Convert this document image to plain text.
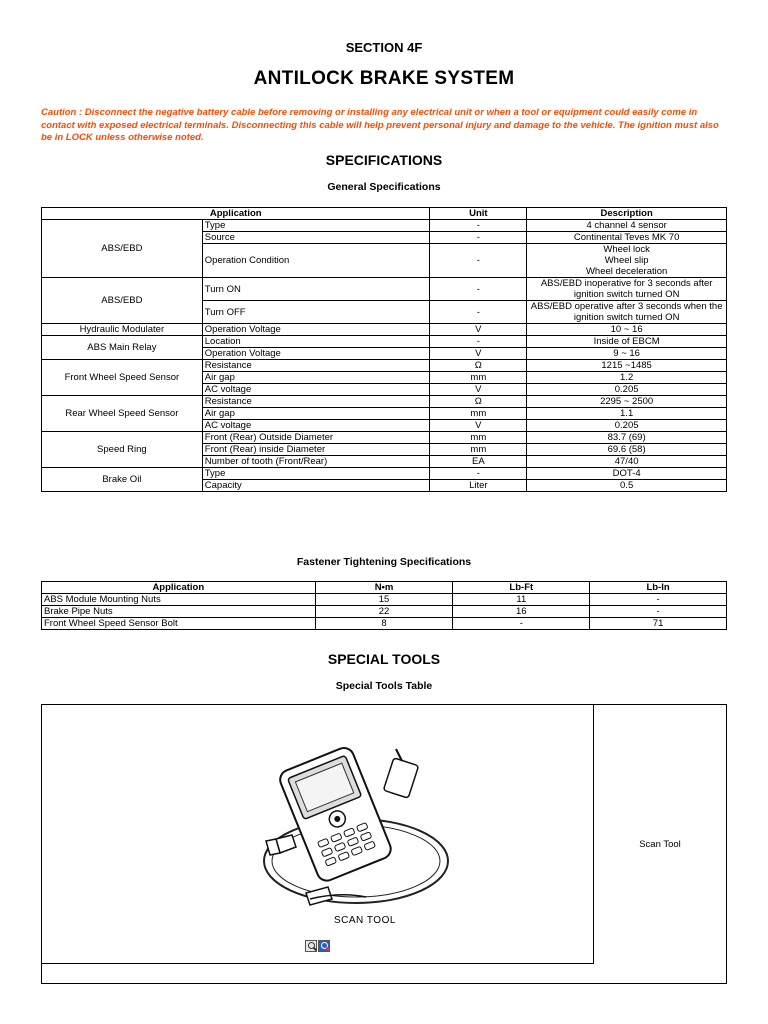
SECTION 4F
ANTILOCK BRAKE SYSTEM
Caution : Disconnect the negative battery cable before removing or installing any electrical unit or when a tool or equipment could easily come in contact with exposed electrical terminals. Disconnecting this cable will help prevent personal injury and damage to the vehicle. The ignition must also be in LOCK unless otherwise noted.
SPECIFICATIONS
General Specifications
Application		Unit	Description
ABS/EBD	Type	-	4 channel 4 sensor
	Source	-	Continental Teves MK 70
	Operation Condition	-	Wheel lock
Wheel slip
Wheel deceleration
ABS/EBD	Turn ON	-	ABS/EBD inoperative for 3 seconds after ignition switch turned ON
	Turn OFF	-	ABS/EBD operative after 3 seconds when the ignition switch turned ON
Hydraulic Modulater	Operation Voltage	V	10 ~ 16
ABS Main Relay	Location	-	Inside of EBCM
	Operation Voltage	V	9 ~ 16
Front Wheel Speed Sensor	Resistance	Ω	1215 ~1485
	Air gap	mm	1.2
	AC voltage	V	0.205
Rear Wheel Speed Sensor	Resistance	Ω	2295 ~ 2500
	Air gap	mm	1.1
	AC voltage	V	0.205
Speed Ring	Front (Rear) Outside Diameter	mm	83.7 (69)
	Front (Rear) inside Diameter	mm	69.6 (58)
	Number of tooth (Front/Rear)	EA	47/40
Brake Oil	Type	-	DOT-4
	Capacity	Liter	0.5
Fastener Tightening Specifications
Application	N•m	Lb-Ft	Lb-In
ABS Module Mounting Nuts	15	11	-
Brake Pipe Nuts	22	16	-
Front Wheel Speed Sensor Bolt	8	-	71
SPECIAL TOOLS
Special Tools Table
SCAN TOOL
Scan Tool
